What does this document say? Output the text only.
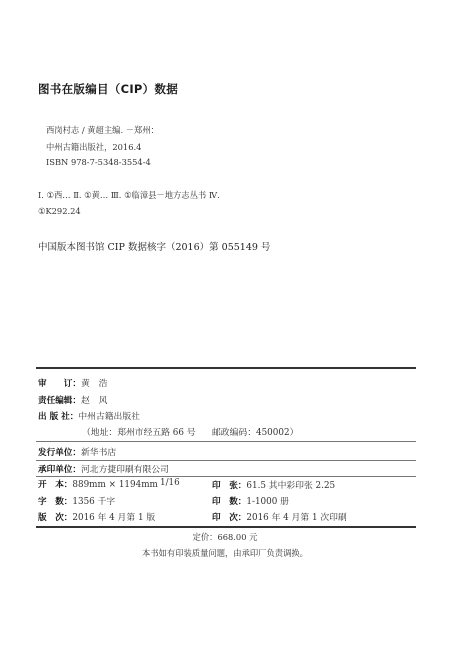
图书在版编目（CIP）数据
西岗村志 / 黄超主编. －郑州：
中州古籍出版社，2016.4
ISBN 978-7-5348-3554-4
Ⅰ. ①西… Ⅱ. ①黄… Ⅲ. ①临漳县－地方志丛书 Ⅳ.
①K292.24
中国版本图书馆 CIP 数据核字（2016）第 055149 号
审　　订：黄　浩
责任编辑：赵　风
出 版 社：中州古籍出版社
（地址：郑州市经五路 66 号 邮政编码：450002）
发行单位：新华书店
承印单位：河北方捷印刷有限公司
开　本：889mm × 1194mm 1/16	印　张：61.5 其中彩印张 2.25
字　数：1356 千字	印　数：1-1000 册
版　次：2016 年 4 月第 1 版	印　次：2016 年 4 月第 1 次印刷
定价：668.00 元
本书如有印装质量问题，由承印厂负责调换。
